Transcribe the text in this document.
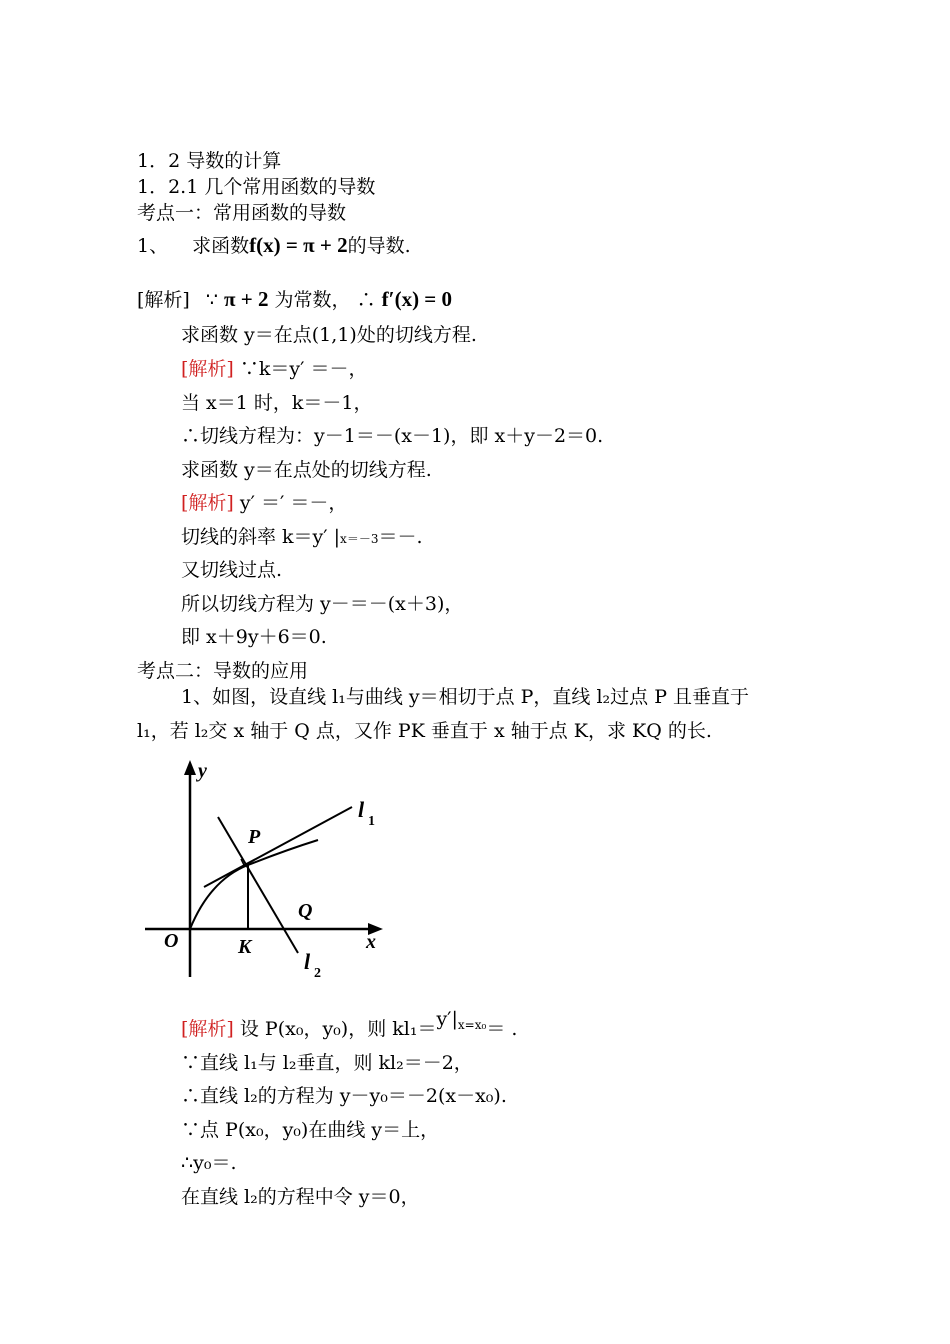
1．2 导数的计算
1．2.1 几个常用函数的导数
考点一：常用函数的导数
1、 求函数f(x) = π + 2的导数.
[解析] ∵ π + 2 为常数， ∴ f′(x) = 0
求函数 y＝在点(1,1)处的切线方程.
[解析] ∵k＝y′ ＝－，
当 x＝1 时，k＝－1，
∴切线方程为：y－1＝－(x－1)，即 x＋y－2＝0.
求函数 y＝在点处的切线方程.
[解析] y′ ＝′ ＝－，
切线的斜率 k＝y′ |x＝－3＝－.
又切线过点.
所以切线方程为 y－＝－(x＋3)，
即 x＋9y＋6＝0.
考点二：导数的应用
1、如图，设直线 l₁与曲线 y＝相切于点 P，直线 l₂过点 P 且垂直于
l₁，若 l₂交 x 轴于 Q 点，又作 PK 垂直于 x 轴于点 K，求 KQ 的长.
y
x
O
P
Q
K
l 1
l 2
[解析] 设 P(x₀，y₀)，则 $kl_1=y'|^{x=x_0}=$ .
∵直线 l₁与 l₂垂直，则 kl₂＝－2，
∴直线 l₂的方程为 y－y₀＝－2(x－x₀).
∵点 P(x₀，y₀)在曲线 y＝上，
∴y₀＝.
在直线 l₂的方程中令 y＝0，
